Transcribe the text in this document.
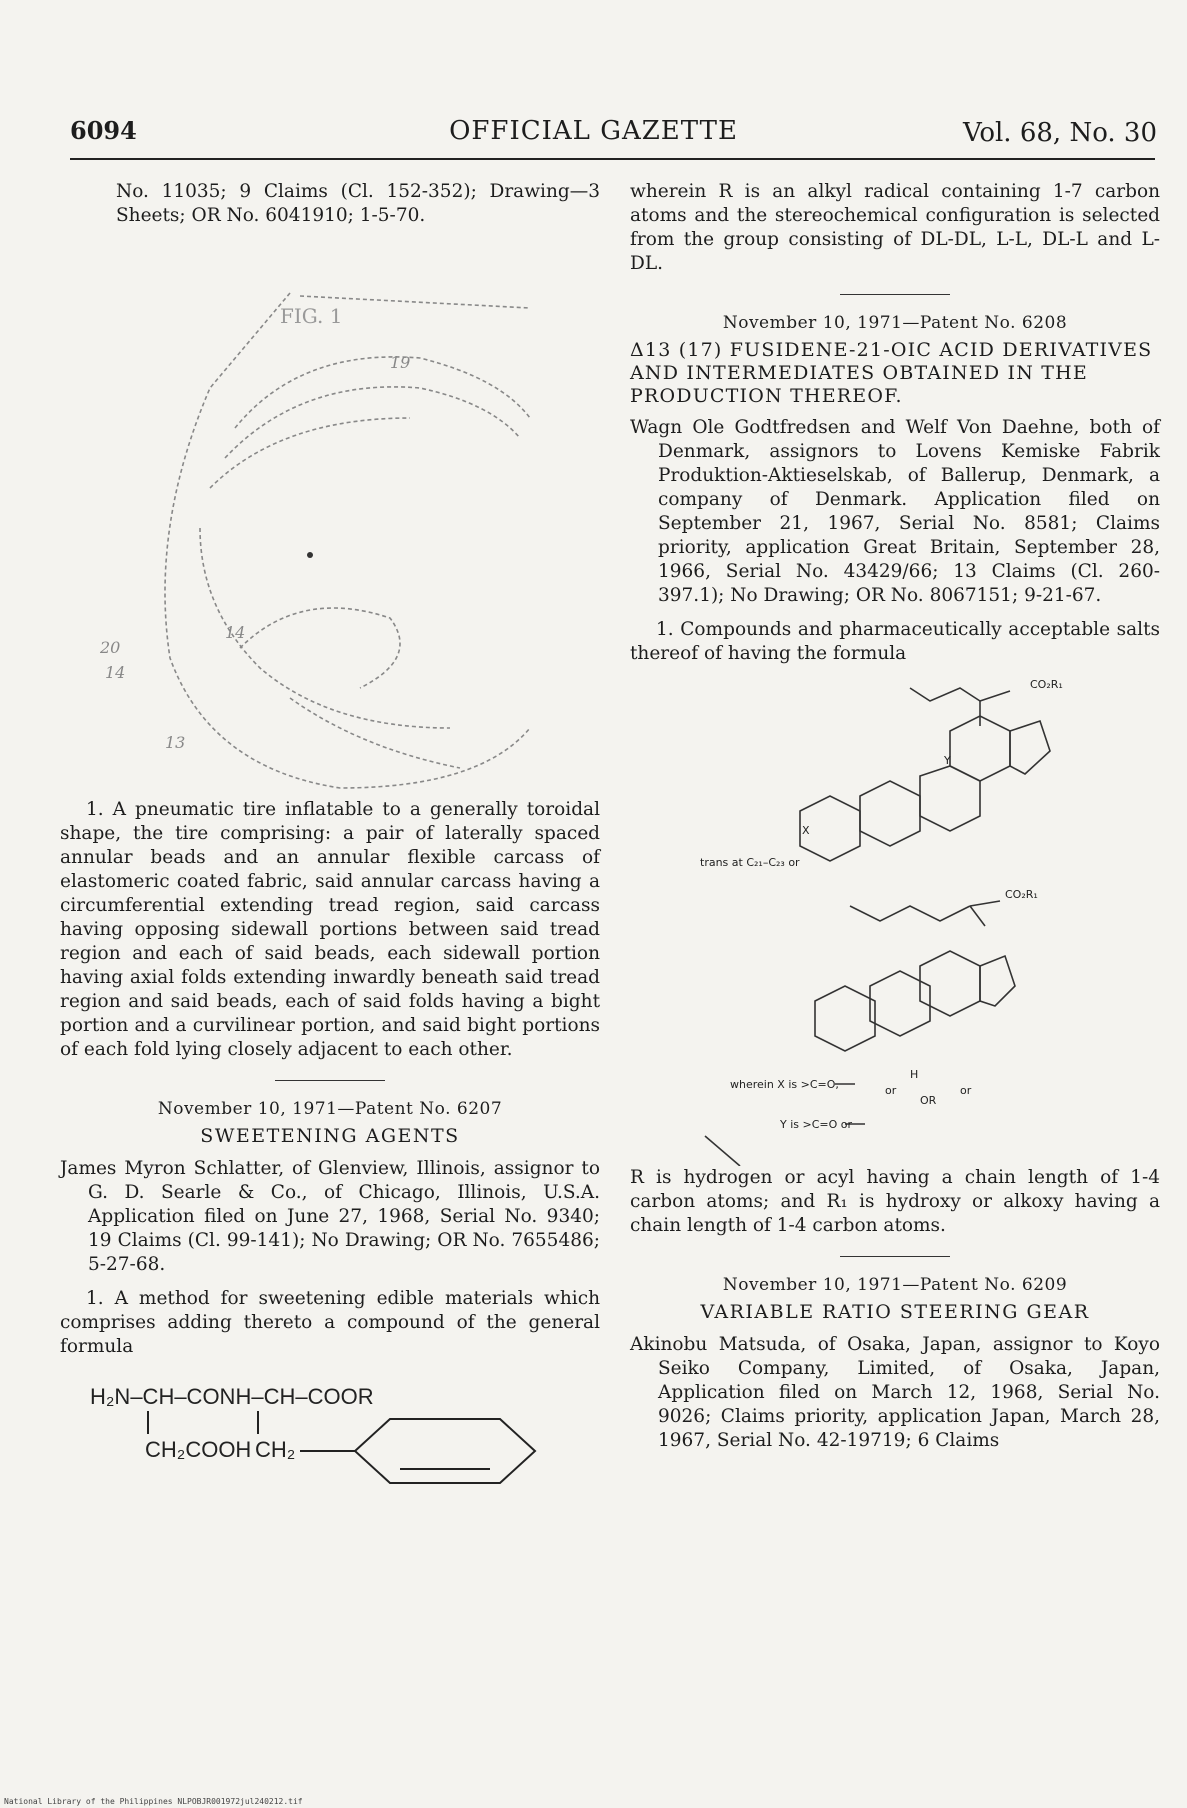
6094	OFFICIAL GAZETTE	Vol. 68, No. 30

No. 11035; 9 Claims (Cl. 152-352); Drawing—3 Sheets; OR No. 6041910; 1-5-70.

FIG. 1
19
14
20
14
13

1. A pneumatic tire inflatable to a generally toroidal shape, the tire comprising: a pair of laterally spaced annular beads and an annular flexible carcass of elastomeric coated fabric, said annular carcass having a circumferential extending tread region, said carcass having opposing sidewall portions between said tread region and each of said beads, each sidewall portion having axial folds extending inwardly beneath said tread region and said beads, each of said folds having a bight portion and a curvilinear portion, and said bight portions of each fold lying closely adjacent to each other.

November 10, 1971—Patent No. 6207
SWEETENING AGENTS

James Myron Schlatter, of Glenview, Illinois, assignor to G. D. Searle & Co., of Chicago, Illinois, U.S.A. Application filed on June 27, 1968, Serial No. 9340; 19 Claims (Cl. 99-141); No Drawing; OR No. 7655486; 5-27-68.

1. A method for sweetening edible materials which comprises adding thereto a compound of the general formula

H₂N–CH–CONH–CH–COOR
CH₂COOH CH₂

wherein R is an alkyl radical containing 1-7 carbon atoms and the stereochemical configuration is selected from the group consisting of DL-DL, L-L, DL-L and L-DL.

November 10, 1971—Patent No. 6208
Δ13 (17) FUSIDENE-21-OIC ACID DERIVATIVES AND INTERMEDIATES OBTAINED IN THE PRODUCTION THEREOF.

Wagn Ole Godtfredsen and Welf Von Daehne, both of Denmark, assignors to Lovens Kemiske Fabrik Produktion-Aktieselskab, of Ballerup, Denmark, a company of Denmark. Application filed on September 21, 1967, Serial No. 8581; Claims priority, application Great Britain, September 28, 1966, Serial No. 43429/66; 13 Claims (Cl. 260-397.1); No Drawing; OR No. 8067151; 9-21-67.

1. Compounds and pharmaceutically acceptable salts thereof of having the formula

CO₂R₁
CO₂R₁
X
Y
trans at C₂₁–C₂₃ or
wherein X is >C=O,
Y is >C=O or
or
or
H
OR

R is hydrogen or acyl having a chain length of 1-4 carbon atoms; and R₁ is hydroxy or alkoxy having a chain length of 1-4 carbon atoms.

November 10, 1971—Patent No. 6209
VARIABLE RATIO STEERING GEAR

Akinobu Matsuda, of Osaka, Japan, assignor to Koyo Seiko Company, Limited, of Osaka, Japan, Application filed on March 12, 1968, Serial No. 9026; Claims priority, application Japan, March 28, 1967, Serial No. 42-19719; 6 Claims

National Library of the Philippines NLPOBJR001972jul240212.tif
